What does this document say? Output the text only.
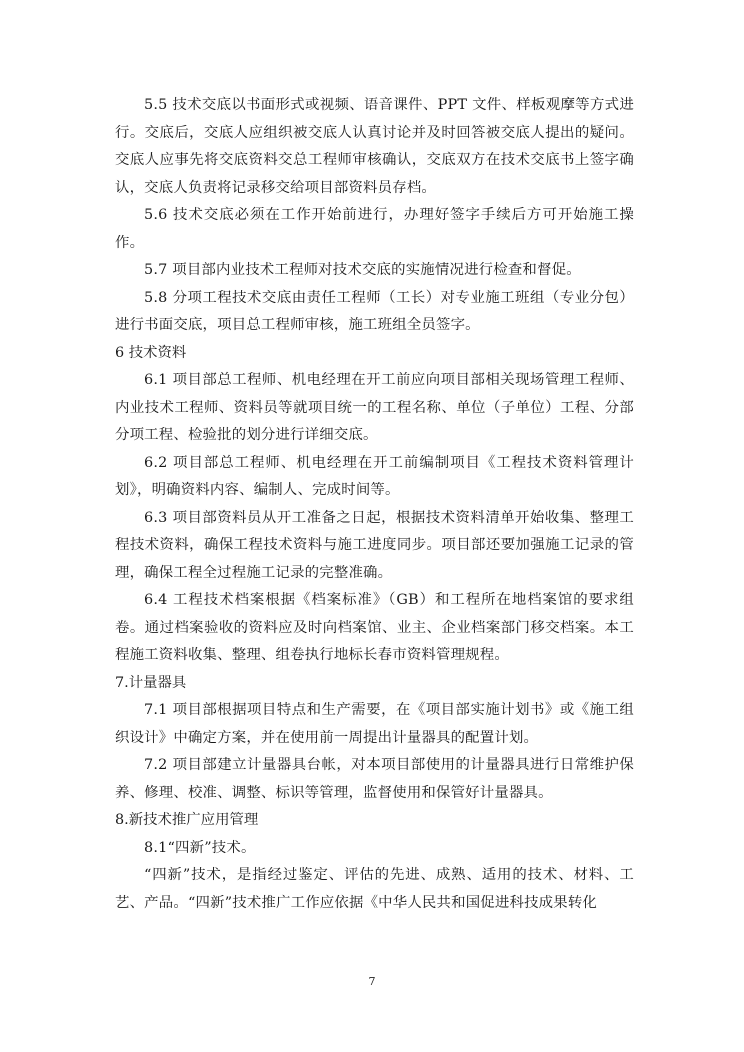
5.5 技术交底以书面形式或视频、语音课件、PPT 文件、样板观摩等方式进行。交底后，交底人应组织被交底人认真讨论并及时回答被交底人提出的疑问。交底人应事先将交底资料交总工程师审核确认，交底双方在技术交底书上签字确认，交底人负责将记录移交给项目部资料员存档。

5.6 技术交底必须在工作开始前进行，办理好签字手续后方可开始施工操作。

5.7 项目部内业技术工程师对技术交底的实施情况进行检查和督促。

5.8 分项工程技术交底由责任工程师（工长）对专业施工班组（专业分包）进行书面交底，项目总工程师审核，施工班组全员签字。

6 技术资料

6.1 项目部总工程师、机电经理在开工前应向项目部相关现场管理工程师、内业技术工程师、资料员等就项目统一的工程名称、单位（子单位）工程、分部分项工程、检验批的划分进行详细交底。

6.2 项目部总工程师、机电经理在开工前编制项目《工程技术资料管理计划》，明确资料内容、编制人、完成时间等。

6.3 项目部资料员从开工准备之日起，根据技术资料清单开始收集、整理工程技术资料，确保工程技术资料与施工进度同步。项目部还要加强施工记录的管理，确保工程全过程施工记录的完整准确。

6.4 工程技术档案根据《档案标准》（GB）和工程所在地档案馆的要求组卷。通过档案验收的资料应及时向档案馆、业主、企业档案部门移交档案。本工程施工资料收集、整理、组卷执行地标长春市资料管理规程。

7.计量器具

7.1 项目部根据项目特点和生产需要，在《项目部实施计划书》或《施工组织设计》中确定方案，并在使用前一周提出计量器具的配置计划。

7.2 项目部建立计量器具台帐，对本项目部使用的计量器具进行日常维护保养、修理、校准、调整、标识等管理，监督使用和保管好计量器具。

8.新技术推广应用管理

8.1“四新”技术。

“四新”技术，是指经过鉴定、评估的先进、成熟、适用的技术、材料、工艺、产品。“四新”技术推广工作应依据《中华人民共和国促进科技成果转化

7
